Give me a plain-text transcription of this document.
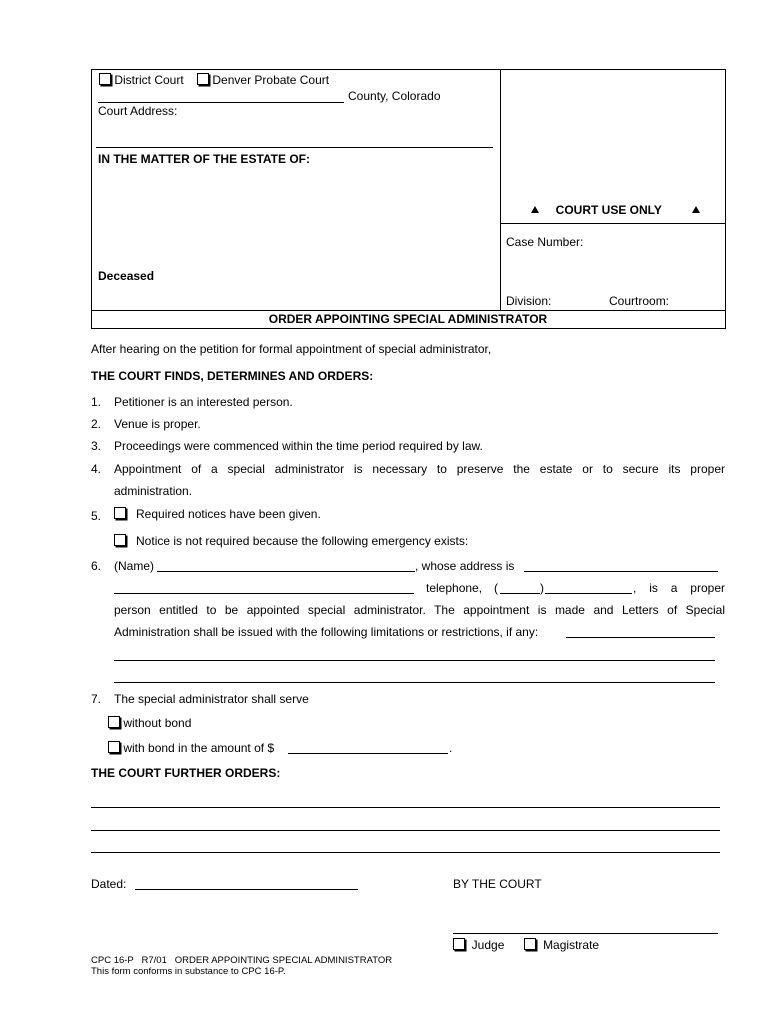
District Court Denver Probate Court
County, Colorado
Court Address:
IN THE MATTER OF THE ESTATE OF:
Deceased
COURT USE ONLY
Case Number:
Division:	Courtroom:
ORDER APPOINTING SPECIAL ADMINISTRATOR
After hearing on the petition for formal appointment of special administrator,
THE COURT FINDS, DETERMINES AND ORDERS:
1. Petitioner is an interested person.
2. Venue is proper.
3. Proceedings were commenced within the time period required by law.
4. Appointment of a special administrator is necessary to preserve the estate or to secure its proper
administration.
5.	Required notices have been given.
Notice is not required because the following emergency exists:
6. (Name)	, whose address is
telephone, (	)	, is a proper
person entitled to be appointed special administrator. The appointment is made and Letters of Special
Administration shall be issued with the following limitations or restrictions, if any:
7. The special administrator shall serve
without bond
with bond in the amount of $	.
THE COURT FURTHER ORDERS:
Dated:	BY THE COURT
Judge	Magistrate
CPC 16-P   R7/01   ORDER APPOINTING SPECIAL ADMINISTRATOR
This form conforms in substance to CPC 16-P.
